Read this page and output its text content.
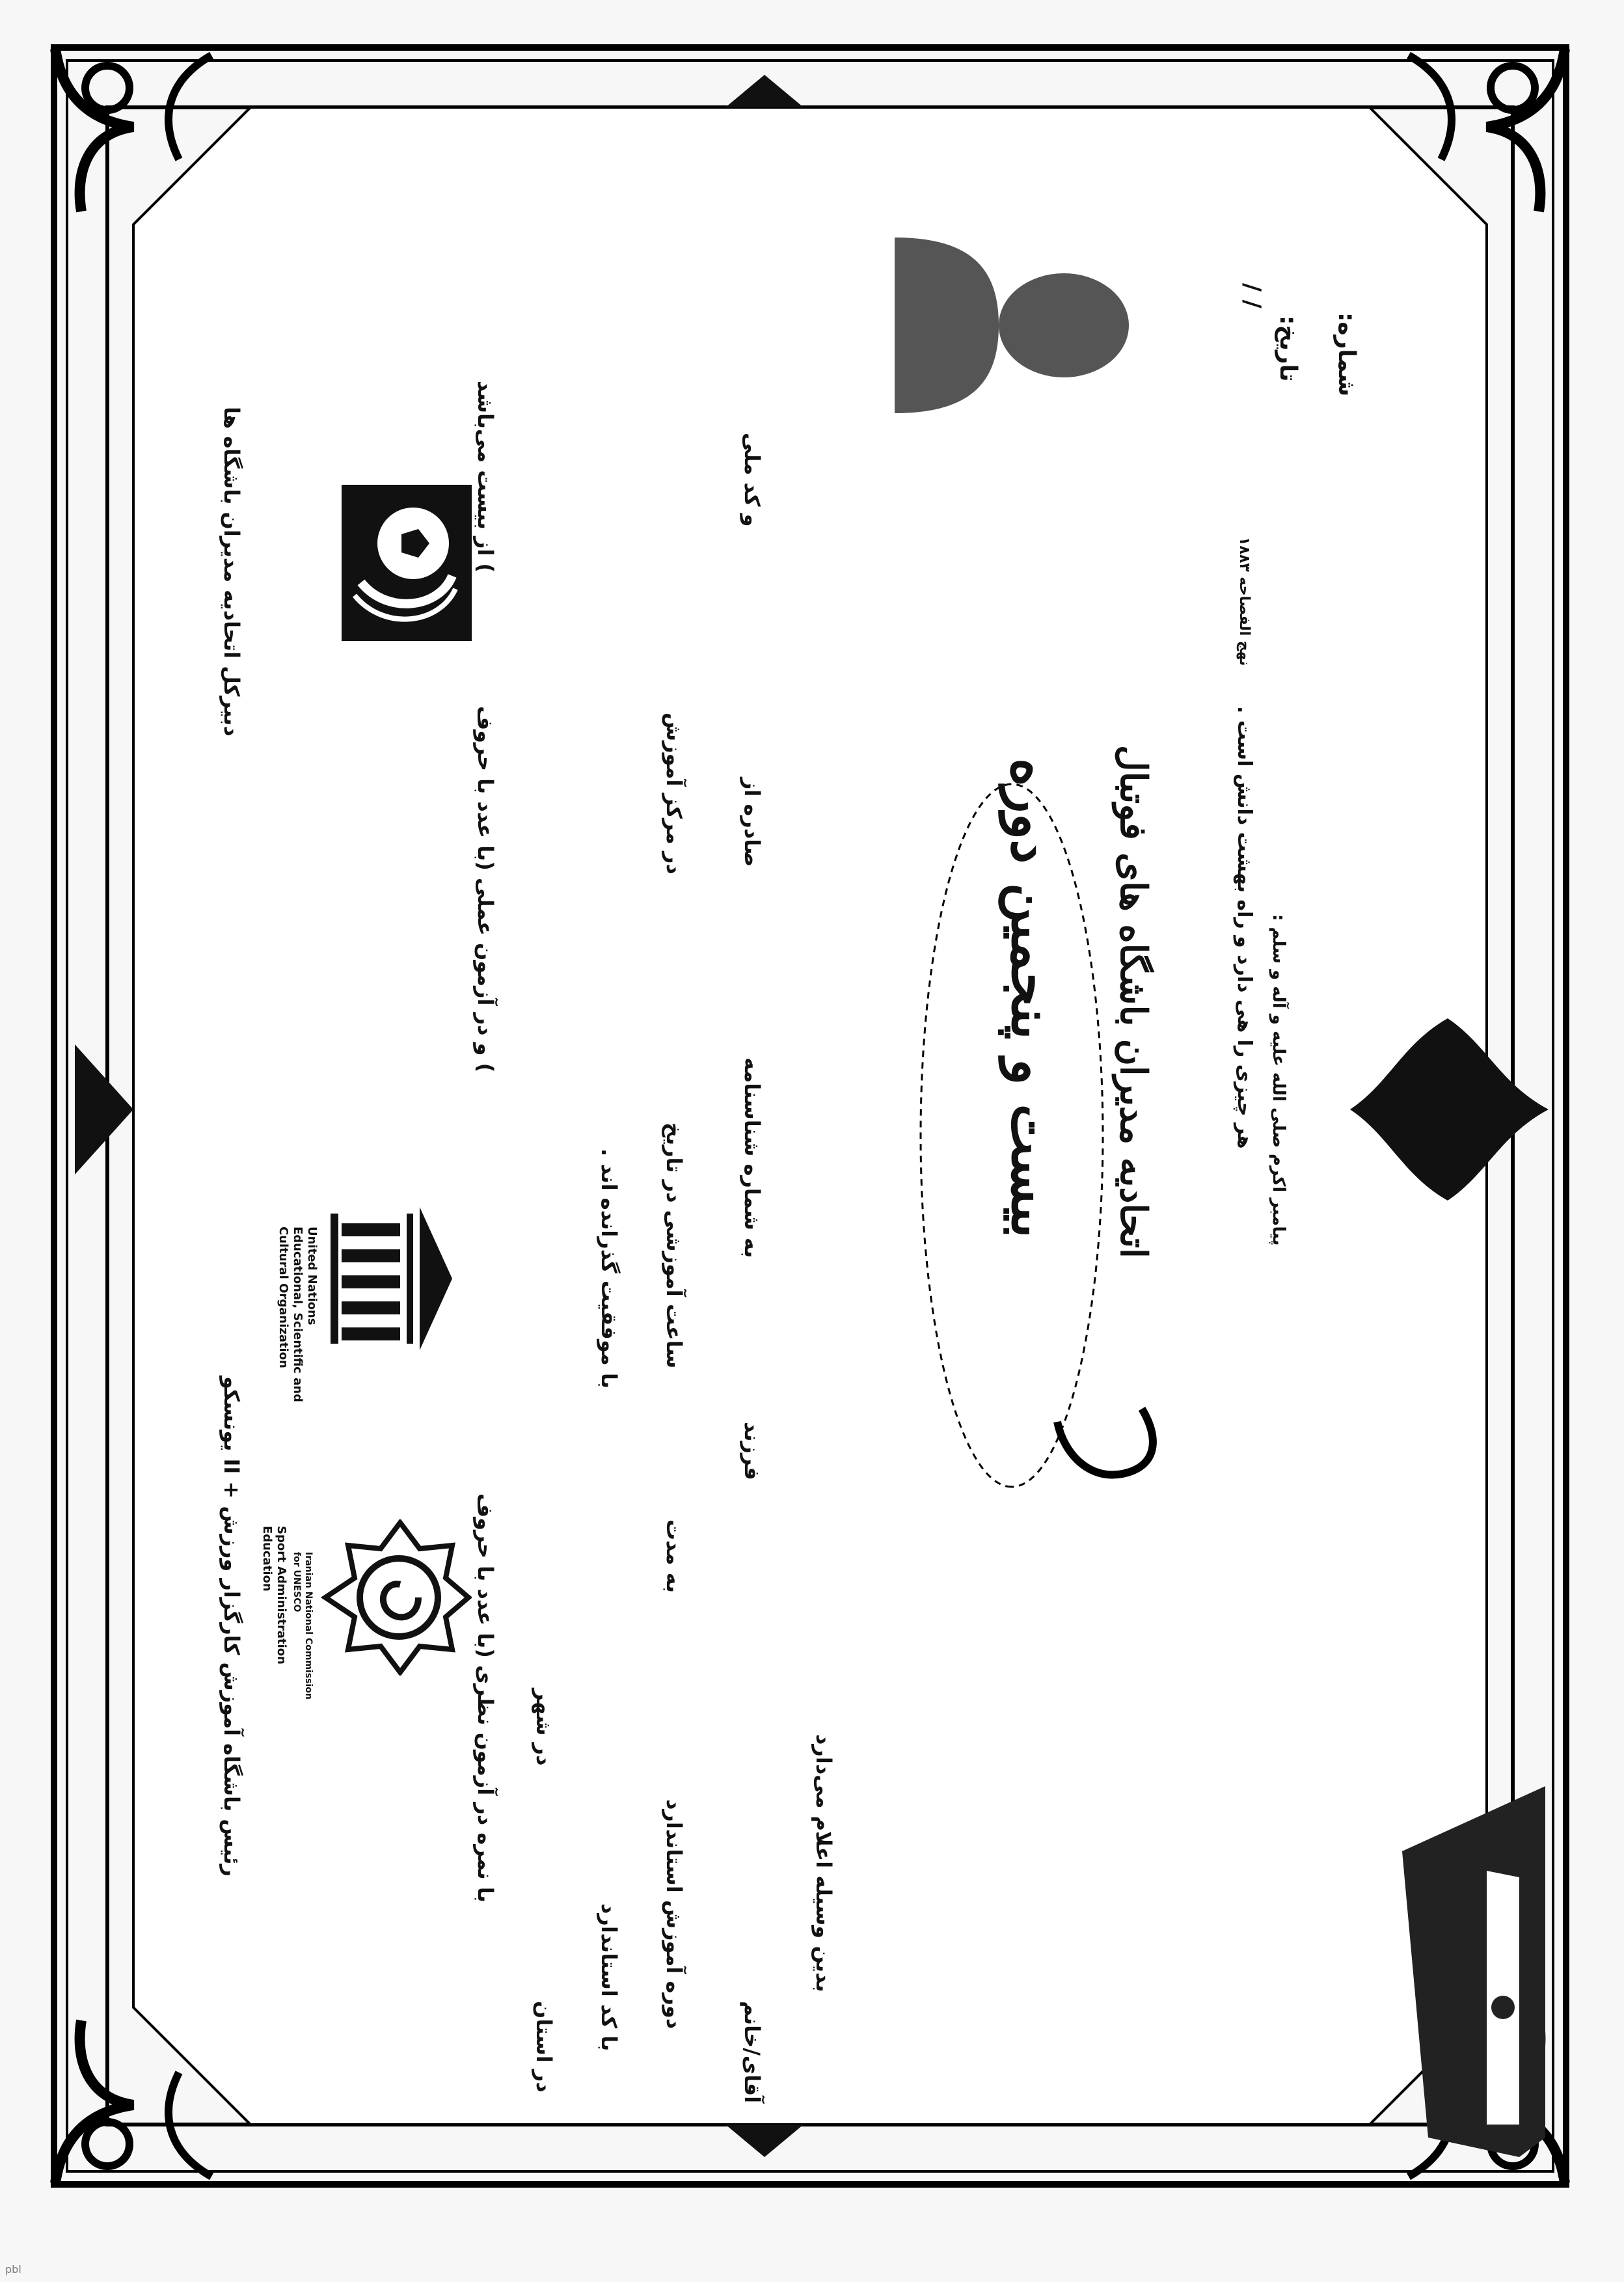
شماره:
تاریخ:
/ /
پیامبر اکرم صلی الله علیه و آله و سلم :
هر چیزی را هی دارد و راه بهشت دانش است .
نهج الفصاحه ۱۸۸۳
اتحادیه مدیران باشگاه های فوتبال
بیست و پنجمین دوره
بدین وسیله اعلام می‌دارد
آقای/خانم
فرزند
به شماره شناسنامه
صادره از
و کد ملی
دوره آموزش استاندارد
به مدت
ساعت آموزشی در تاریخ
در مرکز آموزش
با کد استاندارد
با موفقیت گذرانده اند .
در استان
در شهر
با نمره در آزمون نظری (با عدد با حروف
) و در آزمون عملی (با عدد با حروف
) از بیست می‌باشد
United Nations
Educational, Scientific and
Cultural Organization
Iranian National Commission
for UNESCO
Sport Administration
Education
رئیس باشگاه آموزش کارگزار ورزش + II یونسکو
دبیرکل اتحادیه مدیران باشگاه ها
pbl
